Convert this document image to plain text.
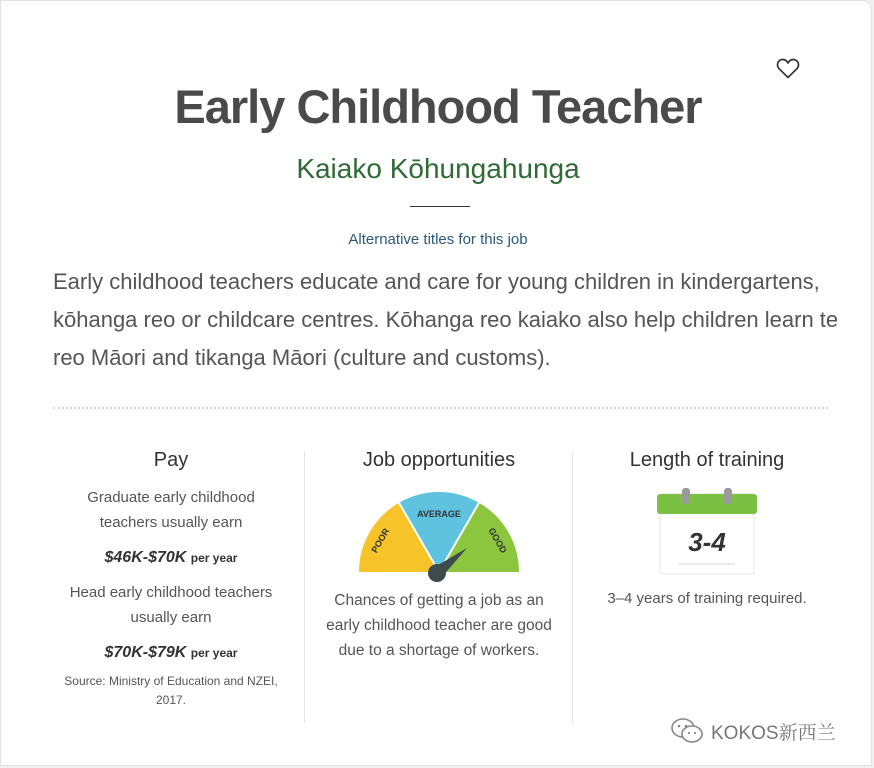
Early Childhood Teacher
Kaiako Kōhungahunga
Alternative titles for this job

Early childhood teachers educate and care for young children in kindergartens, kōhanga reo or childcare centres. Kōhanga reo kaiako also help children learn te reo Māori and tikanga Māori (culture and customs).

Pay
Graduate early childhood teachers usually earn
$46K-$70K per year
Head early childhood teachers usually earn
$70K-$79K per year
Source: Ministry of Education and NZEI, 2017.
Job opportunities
POOR
AVERAGE
GOOD
Chances of getting a job as an early childhood teacher are good due to a shortage of workers.
Length of training
3-4
3–4 years of training required.
KOKOS新西兰
